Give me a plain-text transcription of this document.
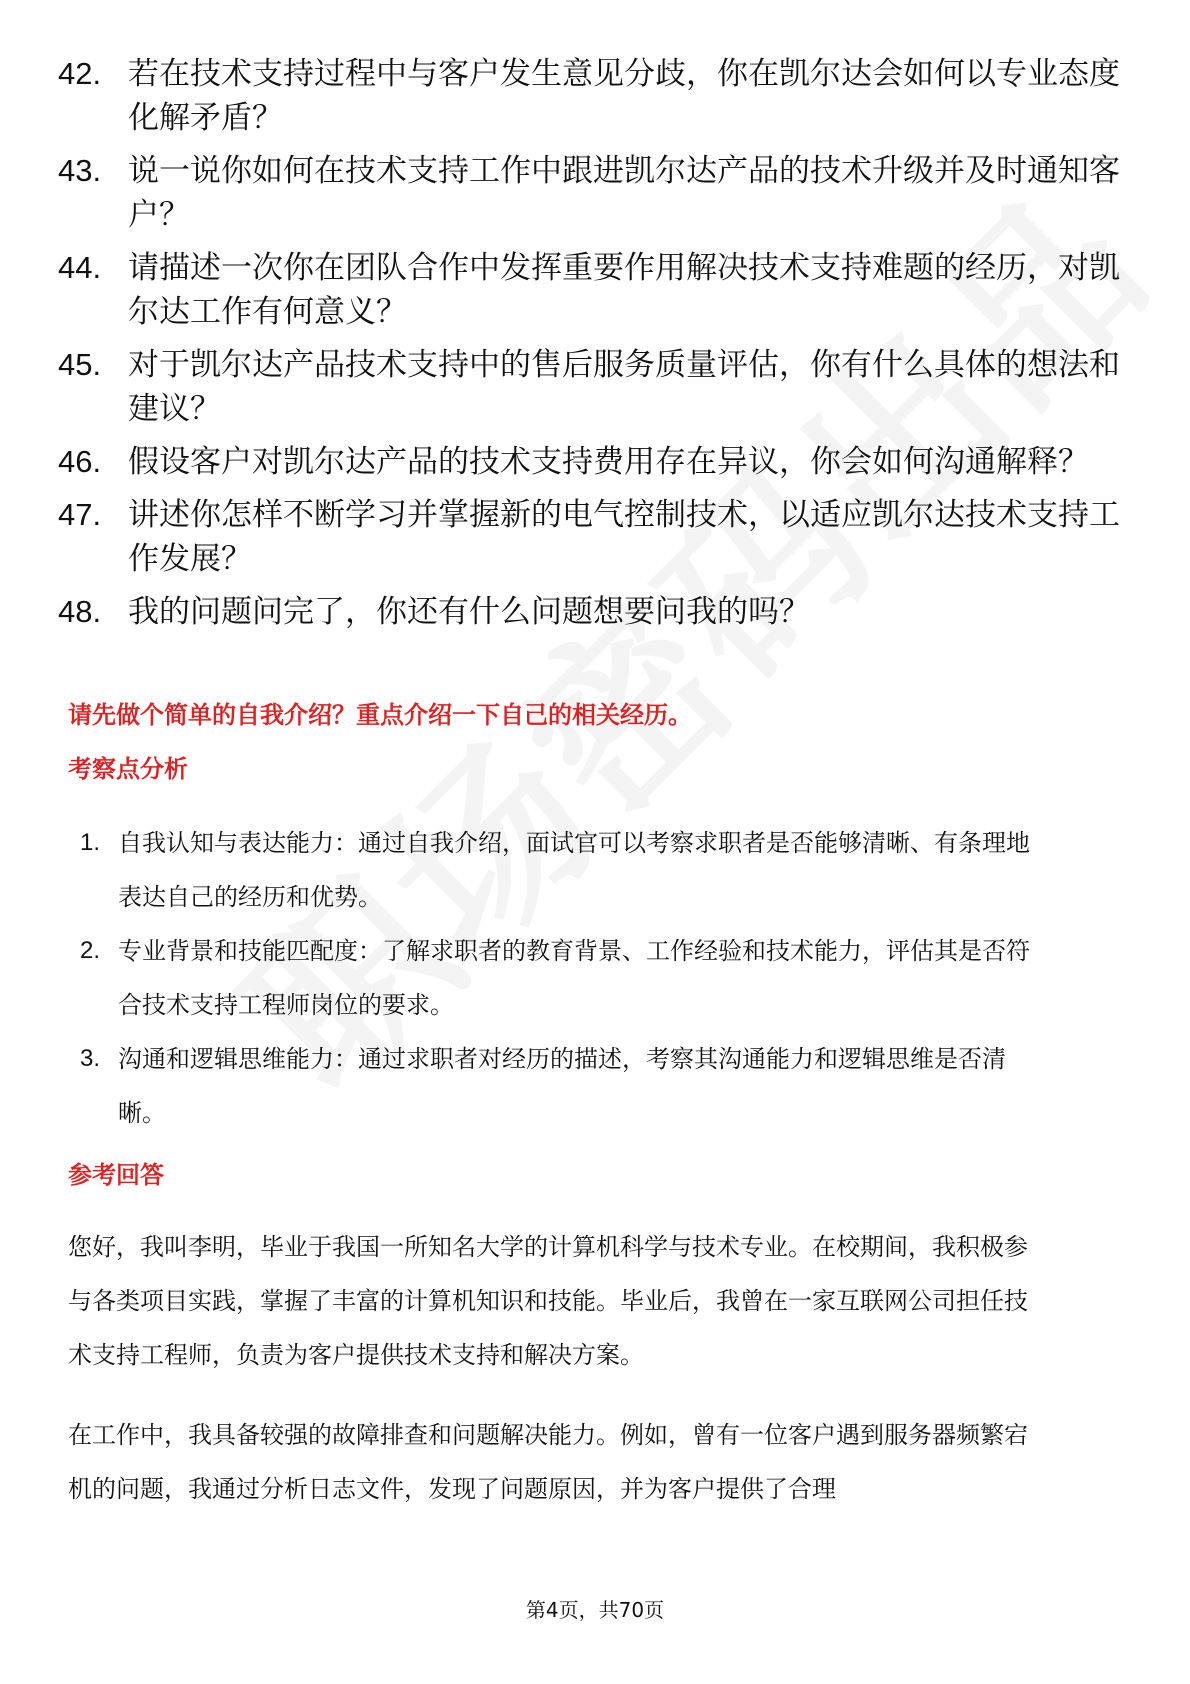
42. 若在技术支持过程中与客户发生意见分歧，你在凯尔达会如何以专业态度化解矛盾？
43. 说一说你如何在技术支持工作中跟进凯尔达产品的技术升级并及时通知客户？
44. 请描述一次你在团队合作中发挥重要作用解决技术支持难题的经历，对凯尔达工作有何意义？
45. 对于凯尔达产品技术支持中的售后服务质量评估，你有什么具体的想法和建议？
46. 假设客户对凯尔达产品的技术支持费用存在异议，你会如何沟通解释？
47. 讲述你怎样不断学习并掌握新的电气控制技术，以适应凯尔达技术支持工作发展？
48. 我的问题问完了，你还有什么问题想要问我的吗？
请先做个简单的自我介绍？重点介绍一下自己的相关经历。
考察点分析
1. 自我认知与表达能力：通过自我介绍，面试官可以考察求职者是否能够清晰、有条理地表达自己的经历和优势。
2. 专业背景和技能匹配度：了解求职者的教育背景、工作经验和技术能力，评估其是否符合技术支持工程师岗位的要求。
3. 沟通和逻辑思维能力：通过求职者对经历的描述，考察其沟通能力和逻辑思维是否清晰。
参考回答

您好，我叫李明，毕业于我国一所知名大学的计算机科学与技术专业。在校期间，我积极参与各类项目实践，掌握了丰富的计算机知识和技能。毕业后，我曾在一家互联网公司担任技术支持工程师，负责为客户提供技术支持和解决方案。

在工作中，我具备较强的故障排查和问题解决能力。例如，曾有一位客户遇到服务器频繁宕机的问题，我通过分析日志文件，发现了问题原因，并为客户提供了合理

第4页，共70页
